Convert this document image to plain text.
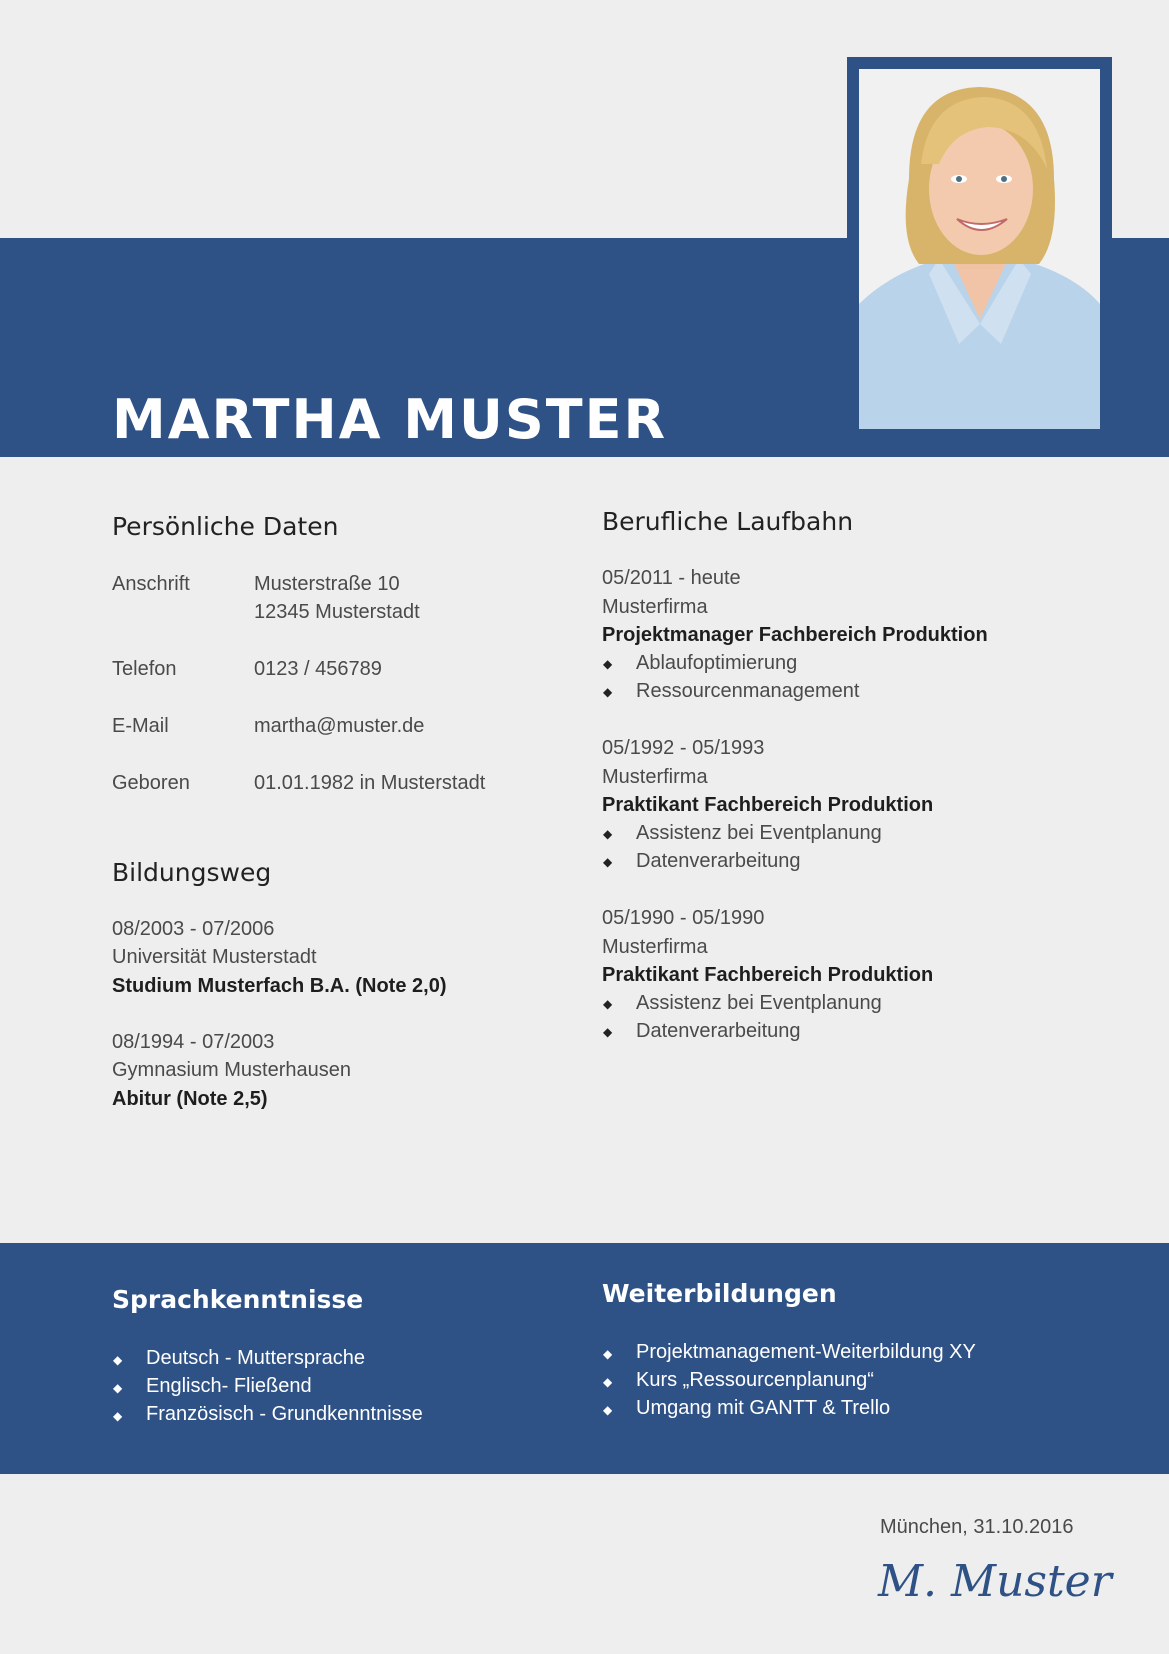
MARTHA MUSTER
Persönliche Daten
Anschrift	Musterstraße 10
12345 Musterstadt
Telefon	0123 / 456789
E-Mail	martha@muster.de
Geboren	01.01.1982 in Musterstadt
Bildungsweg
08/2003 - 07/2006
Universität Musterstadt
Studium Musterfach B.A. (Note 2,0)
08/1994 - 07/2003
Gymnasium Musterhausen
Abitur (Note 2,5)
Berufliche Laufbahn
05/2011 - heute
Musterfirma
Projektmanager Fachbereich Produktion
◆ Ablaufoptimierung
◆ Ressourcenmanagement
05/1992 - 05/1993
Musterfirma
Praktikant Fachbereich Produktion
◆ Assistenz bei Eventplanung
◆ Datenverarbeitung
05/1990 - 05/1990
Musterfirma
Praktikant Fachbereich Produktion
◆ Assistenz bei Eventplanung
◆ Datenverarbeitung
Sprachkenntnisse
◆ Deutsch - Muttersprache
◆ Englisch- Fließend
◆ Französisch - Grundkenntnisse
Weiterbildungen
◆ Projektmanagement-Weiterbildung XY
◆ Kurs „Ressourcenplanung“
◆ Umgang mit GANTT & Trello
München, 31.10.2016
M. Muster
